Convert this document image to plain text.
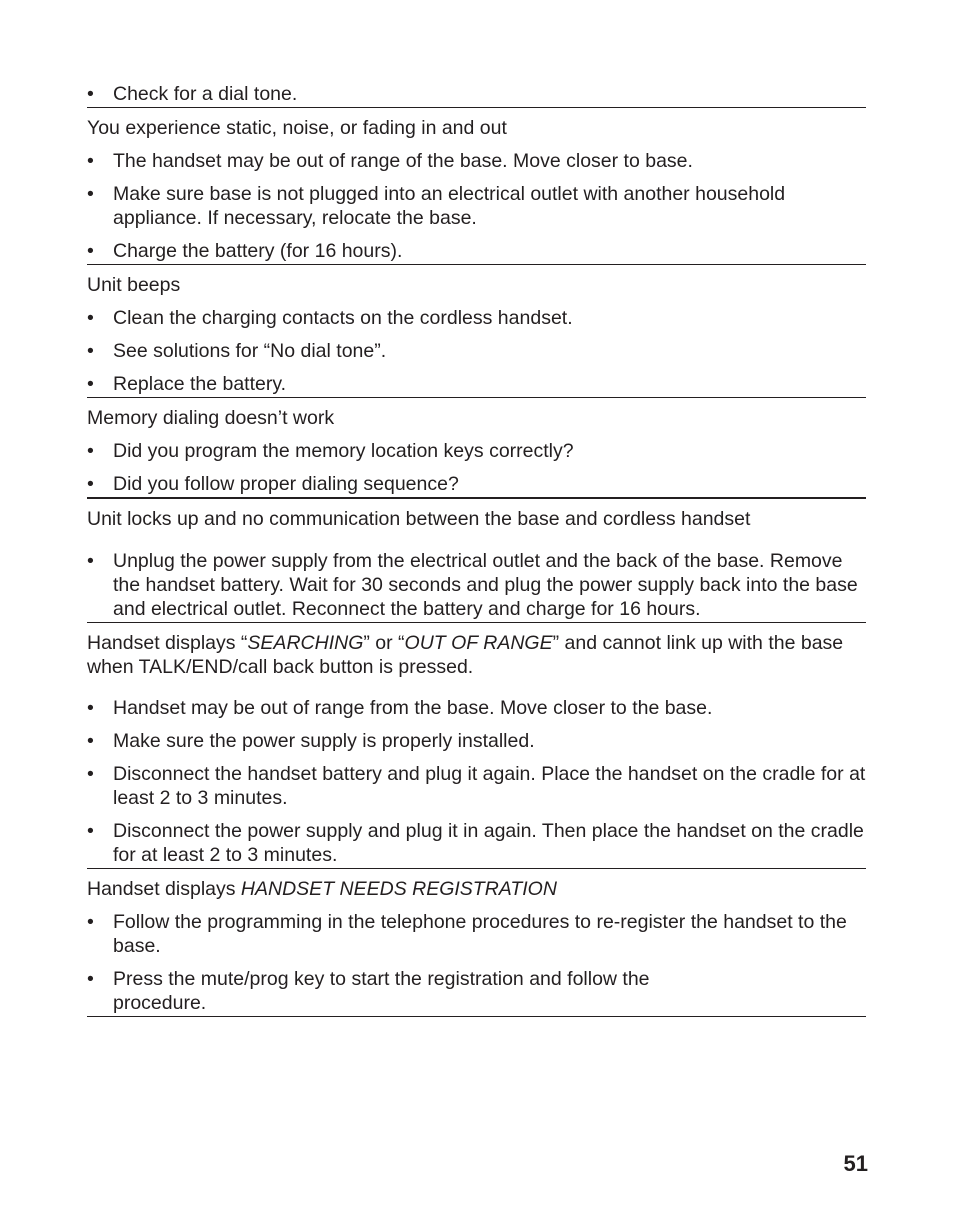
• Check for a dial tone.
You experience static, noise, or fading in and out
• The handset may be out of range of the base. Move closer to base.
• Make sure base is not plugged into an electrical outlet with another household appliance. If necessary, relocate the base.
• Charge the battery (for 16 hours).
Unit beeps
• Clean the charging contacts on the cordless handset.
• See solutions for “No dial tone”.
• Replace the battery.
Memory dialing doesn’t work
• Did you program the memory location keys correctly?
• Did you follow proper dialing sequence?
Unit locks up and no communication between the base and cordless handset
• Unplug the power supply from the electrical outlet and the back of the base. Remove the handset battery. Wait for 30 seconds and plug the power supply back into the base and electrical outlet. Reconnect the battery and charge for 16 hours.
Handset displays “SEARCHING” or “OUT OF RANGE” and cannot link up with the base when TALK/END/call back button is pressed.
• Handset may be out of range from the base. Move closer to the base.
• Make sure the power supply is properly installed.
• Disconnect the handset battery and plug it again. Place the handset on the cradle for at least 2 to 3 minutes.
• Disconnect the power supply and plug it in again. Then place the handset on the cradle for at least 2 to 3 minutes.
Handset displays HANDSET NEEDS REGISTRATION
• Follow the programming in the telephone procedures to re-register the handset to the base.
• Press the mute/prog key to start the registration and follow the procedure.
51
